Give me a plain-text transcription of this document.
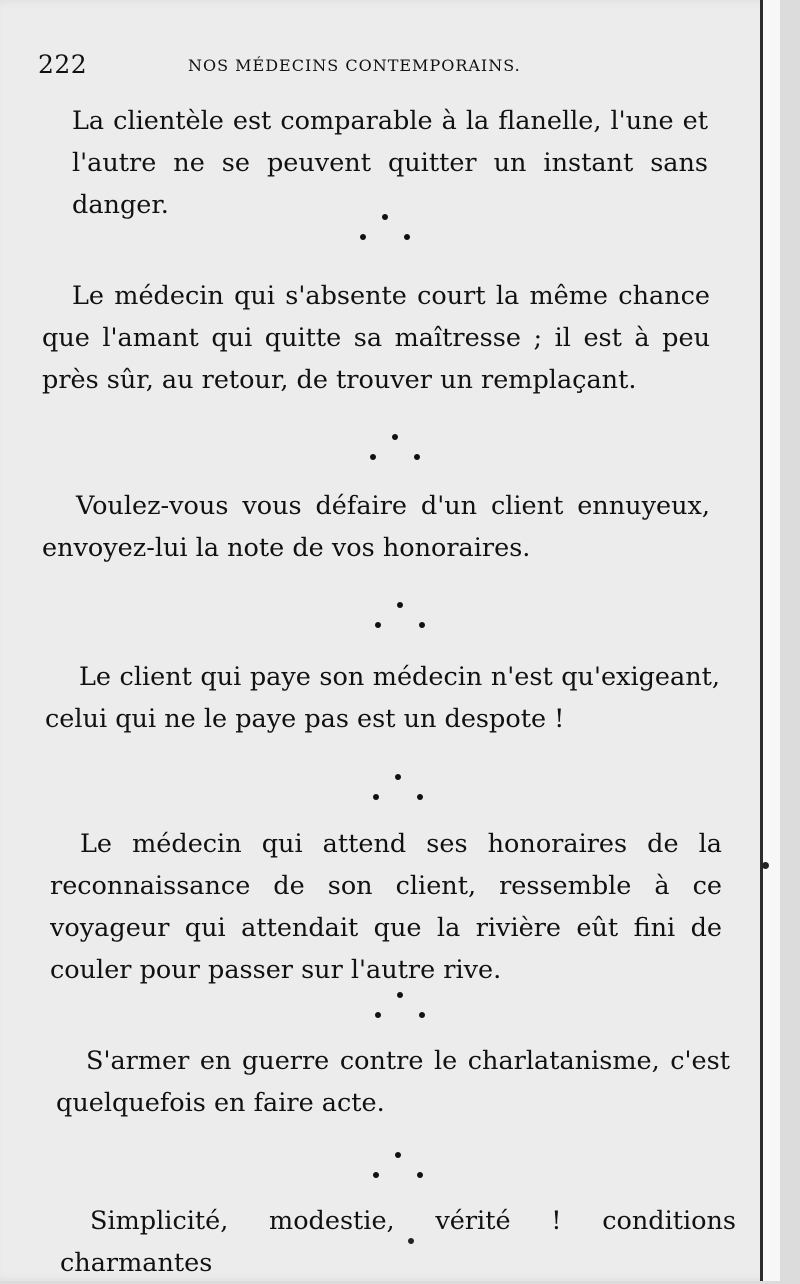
222	NOS MÉDECINS CONTEMPORAINS.

La clientèle est comparable à la flanelle, l'une et l'autre ne se peuvent quitter un instant sans danger.

Le médecin qui s'absente court la même chance que l'amant qui quitte sa maîtresse ; il est à peu près sûr, au retour, de trouver un remplaçant.

Voulez-vous vous défaire d'un client ennuyeux, envoyez-lui la note de vos honoraires.

Le client qui paye son médecin n'est qu'exigeant, celui qui ne le paye pas est un despote !

Le médecin qui attend ses honoraires de la reconnaissance de son client, ressemble à ce voyageur qui attendait que la rivière eût fini de couler pour passer sur l'autre rive.

S'armer en guerre contre le charlatanisme, c'est quelquefois en faire acte.

Simplicité, modestie, vérité ! conditions charmantes
